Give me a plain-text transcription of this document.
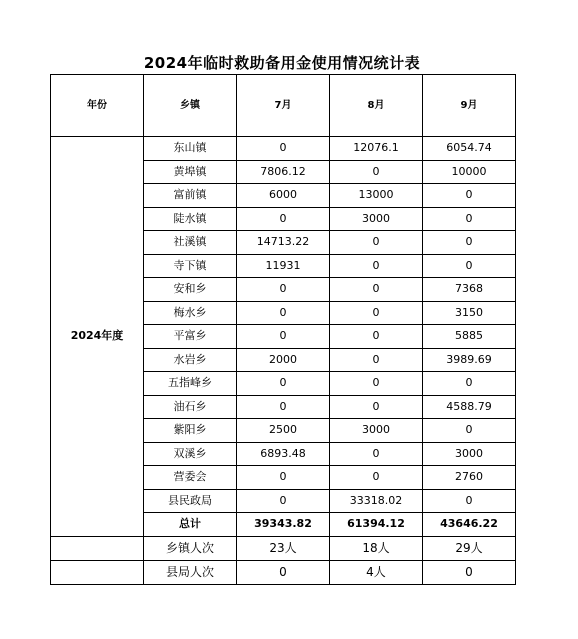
2024年临时救助备用金使用情况统计表
年份	乡镇	7月	8月	9月
2024年度	东山镇	0	12076.1	6054.74
	黄埠镇	7806.12	0	10000
	富前镇	6000	13000	0
	陡水镇	0	3000	0
	社溪镇	14713.22	0	0
	寺下镇	11931	0	0
	安和乡	0	0	7368
	梅水乡	0	0	3150
	平富乡	0	0	5885
	水岩乡	2000	0	3989.69
	五指峰乡	0	0	0
	油石乡	0	0	4588.79
	紫阳乡	2500	3000	0
	双溪乡	6893.48	0	3000
	营委会	0	0	2760
	县民政局	0	33318.02	0
	总计	39343.82	61394.12	43646.22
	乡镇人次	23人	18人	29人
	县局人次	0	4人	0
